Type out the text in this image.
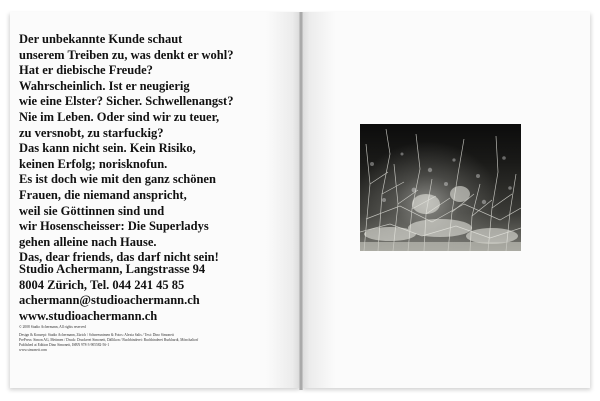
Der unbekannte Kunde schaut
unserem Treiben zu, was denkt er wohl?
Hat er diebische Freude?
Wahrscheinlich. Ist er neugierig
wie eine Elster? Sicher. Schwellenangst?
Nie im Leben. Oder sind wir zu teuer,
zu versnobt, zu starfuckig?
Das kann nicht sein. Kein Risiko,
keinen Erfolg; norisknofun.
Es ist doch wie mit den ganz schönen
Frauen, die niemand anspricht,
weil sie Göttinnen sind und
wir Hosenscheisser: Die Superladys
gehen alleine nach Hause.
Das, dear friends, das darf nicht sein!
Studio Achermann, Langstrasse 94
8004 Zürich, Tel. 044 241 45 85
achermann@studioachermann.ch
www.studioachermann.ch
© 2008 Studio Achermann, All rights reserved
Design & Konzept: Studio Achermann, Zürich / Schneeuntmen & Fotos: Alexia Salis / Text: Dino Simonett
PrePress: Simon AG, Mettmen / Druck: Druckerei Simonett, Dällikon / Buchbinderei: Buchbinderei Burkhardt, Mönchaltorf
Published at Edition Dino Simonett, ISBN 978-3-905582-56-1
www.simonett.com
